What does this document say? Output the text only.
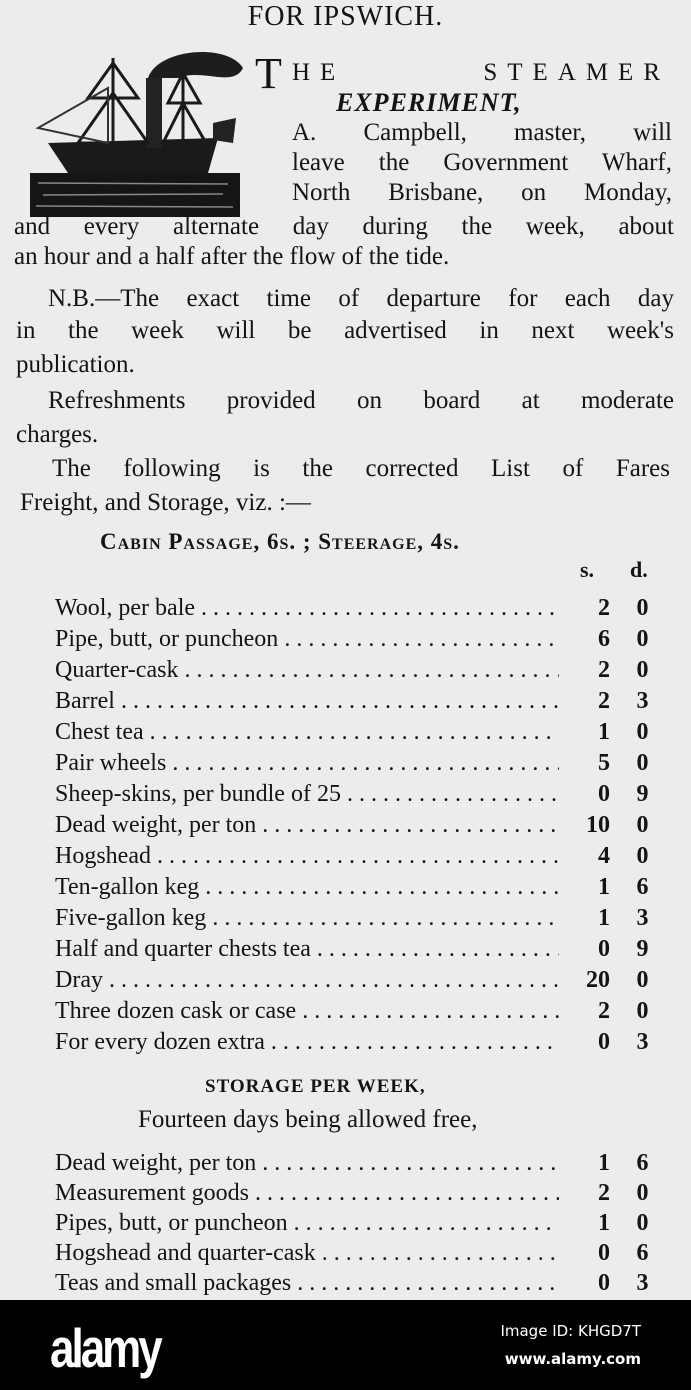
FOR IPSWICH.
T HE STEAMER
EXPERIMENT,
A. Campbell, master, will
leave the Government Wharf,
North Brisbane, on Monday,
and every alternate day during the week, about
an hour and a half after the flow of the tide.
N.B.—The exact time of departure for each day
in the week will be advertised in next week's
publication.
Refreshments provided on board at moderate
charges.
The following is the corrected List of Fares
Freight, and Storage, viz. :—
Cabin Passage, 6s. ; Steerage, 4s.
s. d.
Wool, per bale . . .	2 0
Pipe, butt, or puncheon . . .	6 0
Quarter-cask . . .	2 0
Barrel . . .	2 3
Chest tea . . .	1 0
Pair wheels . . .	5 0
Sheep-skins, per bundle of 25 . . .	0 9
Dead weight, per ton . . .	10 0
Hogshead . . .	4 0
Ten-gallon keg . . .	1 6
Five-gallon keg . . .	1 3
Half and quarter chests tea . . .	0 9
Dray . . .	20 0
Three dozen cask or case . . .	2 0
For every dozen extra . . .	0 3
STORAGE PER WEEK,
Fourteen days being allowed free,
Dead weight, per ton . . .	1 6
Measurement goods . . .	2 0
Pipes, butt, or puncheon . . .	1 0
Hogshead and quarter-cask . . .	0 6
Teas and small packages . . .	0 3
alamy	Image ID: KHGD7T
www.alamy.com
